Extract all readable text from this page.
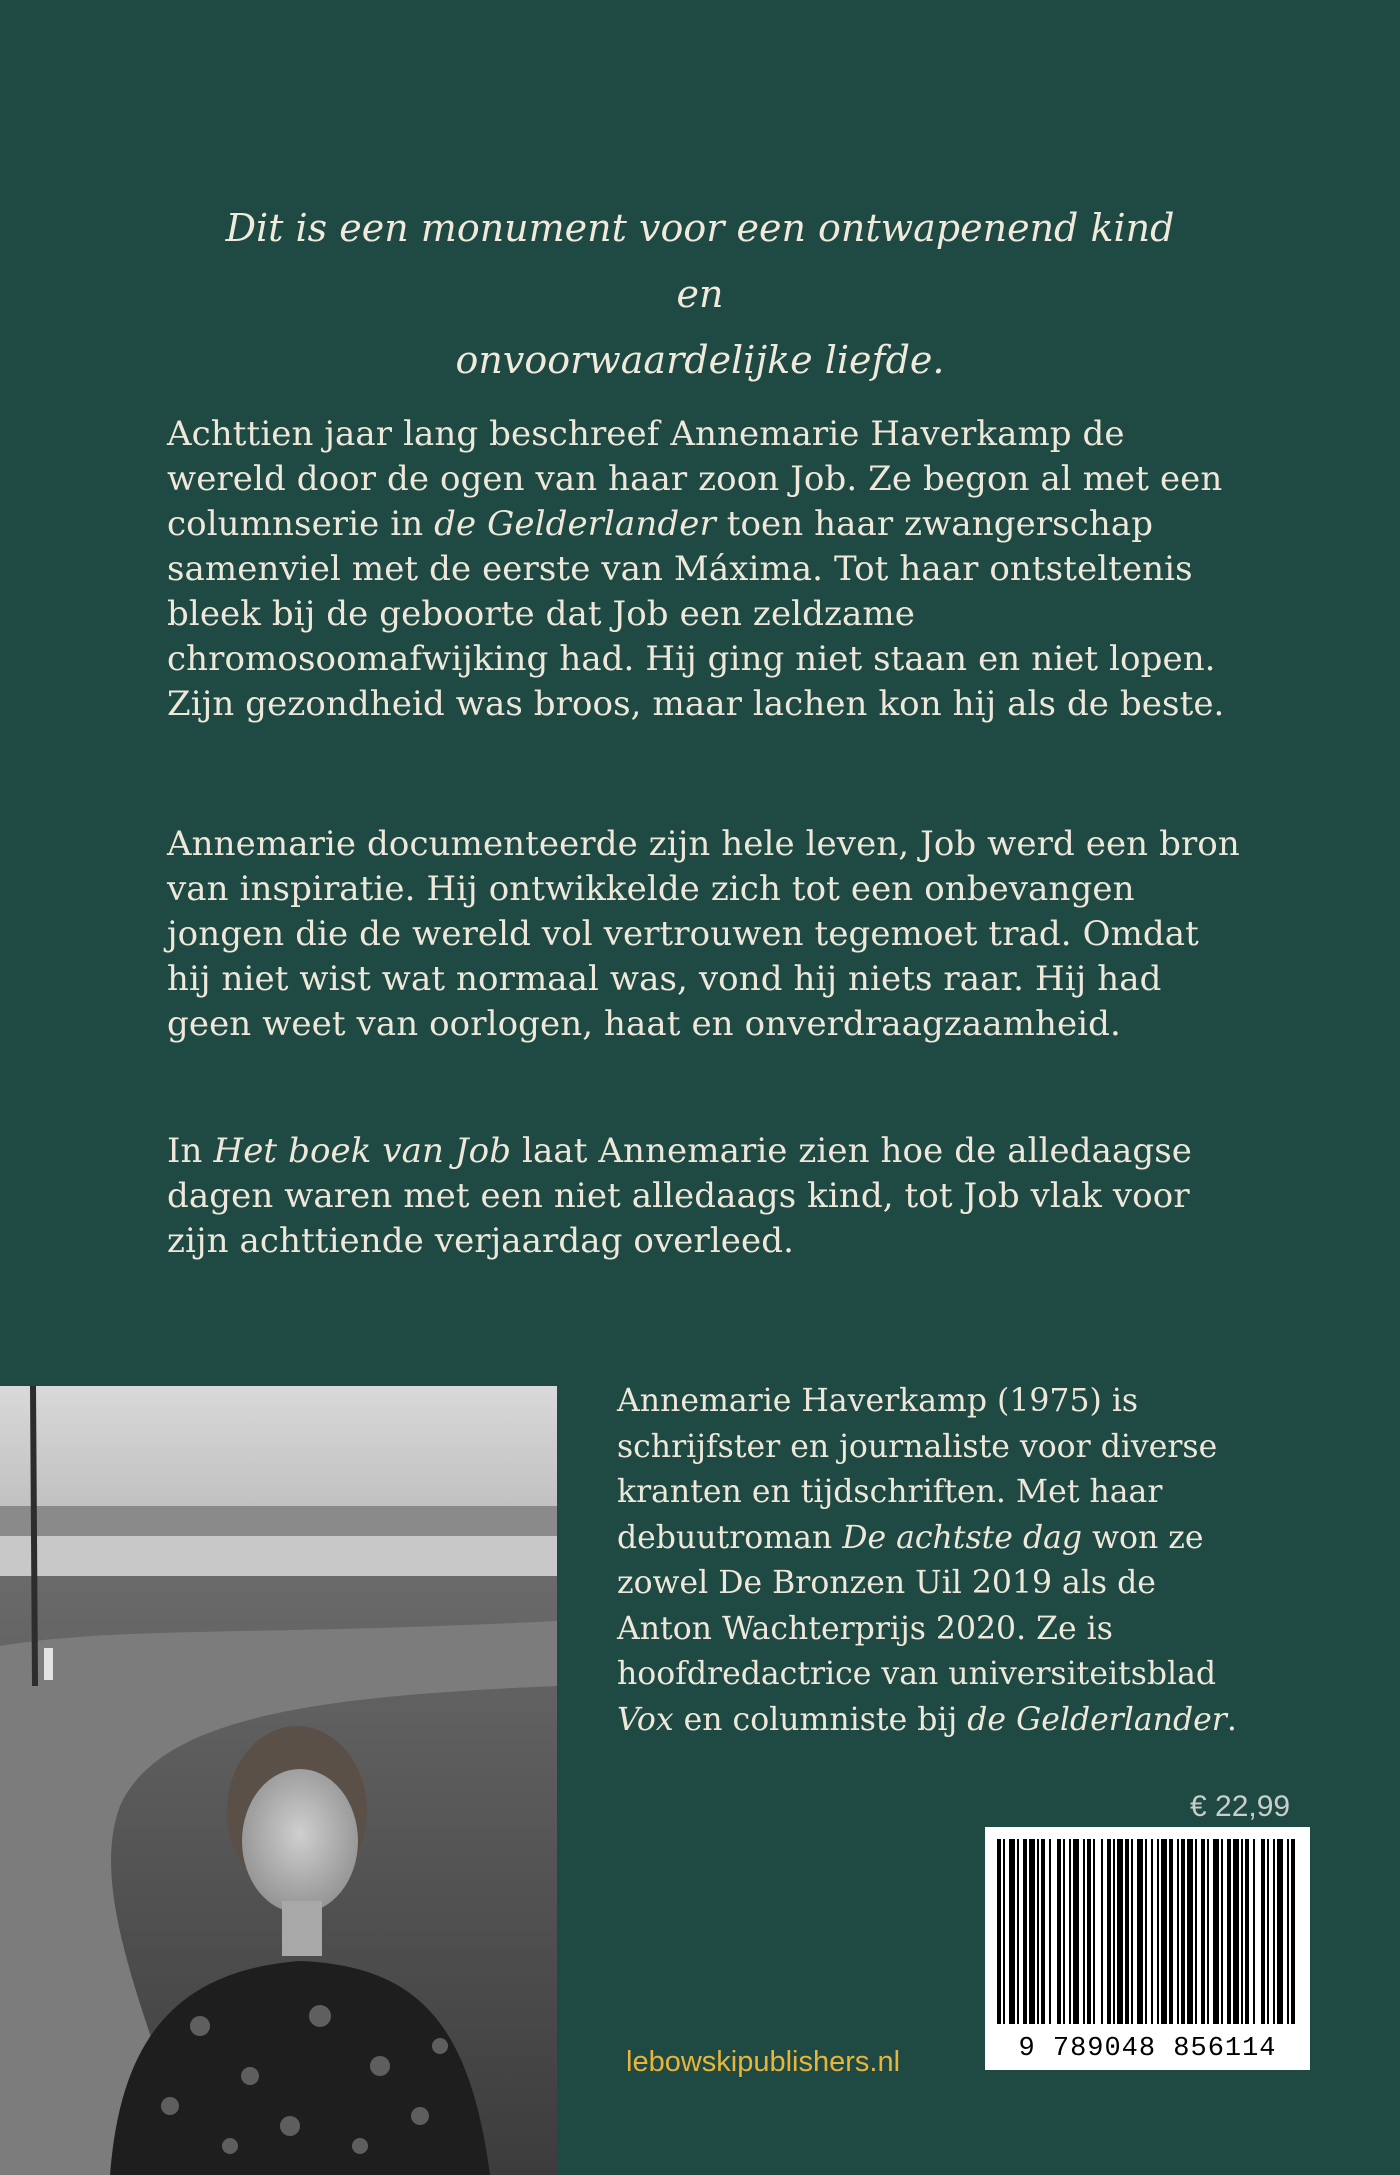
Dit is een monument voor een ontwapenend kind en
onvoorwaardelijke liefde.

Achttien jaar lang beschreef Annemarie Haverkamp de wereld door de ogen van haar zoon Job. Ze begon al met een columnserie in de Gelderlander toen haar zwangerschap samenviel met de eerste van Máxima. Tot haar ontsteltenis bleek bij de geboorte dat Job een zeldzame chromosoomafwijking had. Hij ging niet staan en niet lopen. Zijn gezondheid was broos, maar lachen kon hij als de beste.

Annemarie documenteerde zijn hele leven, Job werd een bron van inspiratie. Hij ontwikkelde zich tot een onbevangen jongen die de wereld vol vertrouwen tegemoet trad. Omdat hij niet wist wat normaal was, vond hij niets raar. Hij had geen weet van oorlogen, haat en onverdraagzaamheid.

In Het boek van Job laat Annemarie zien hoe de alledaagse dagen waren met een niet alledaags kind, tot Job vlak voor zijn achttiende verjaardag overleed.

Annemarie Haverkamp (1975) is schrijfster en journaliste voor diverse kranten en tijdschriften. Met haar debuutroman De achtste dag won ze zowel De Bronzen Uil 2019 als de Anton Wachterprijs 2020. Ze is hoofdredactrice van universiteitsblad Vox en columniste bij de Gelderlander.

€ 22,99
9 789048 856114
lebowskipublishers.nl
